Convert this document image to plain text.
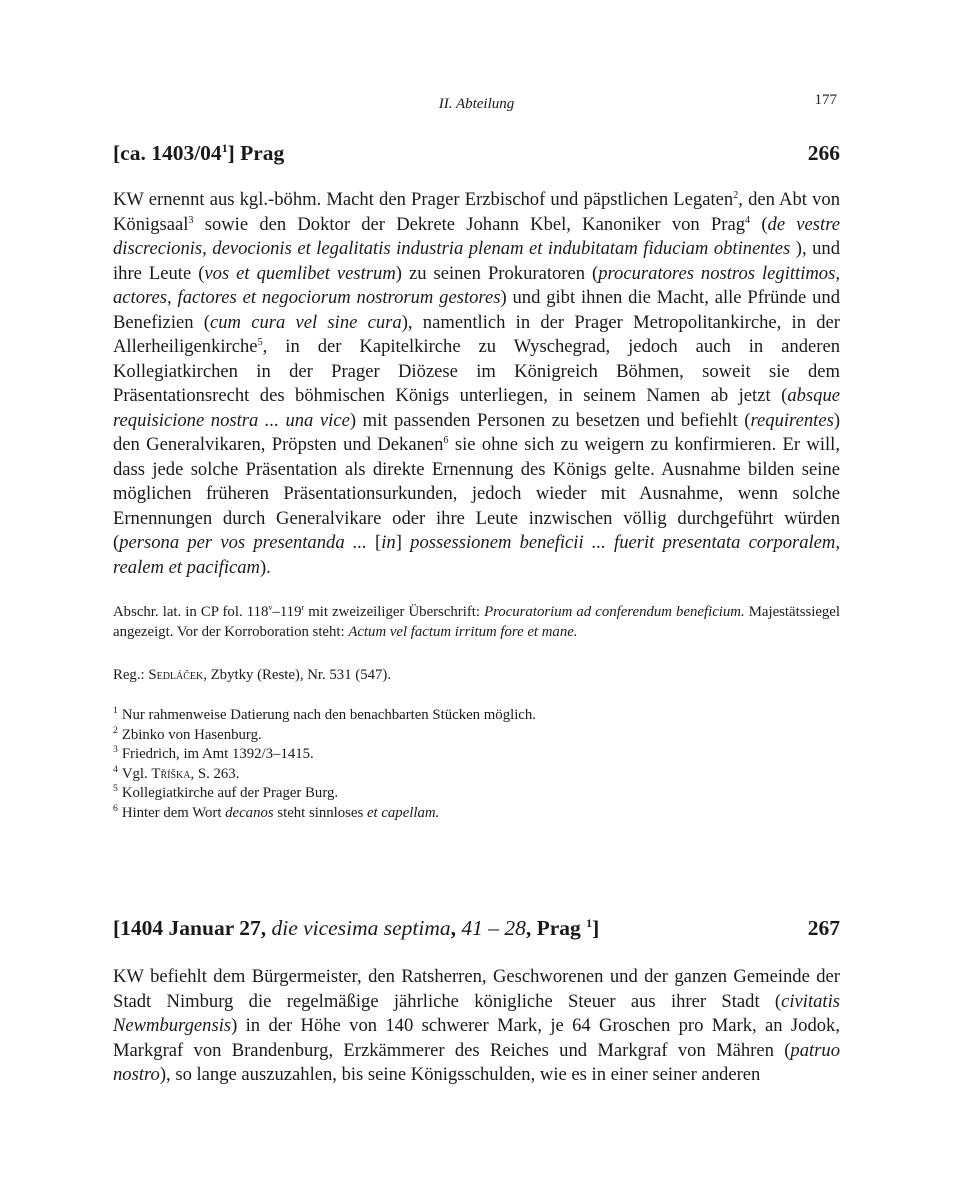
II. Abteilung	177
[ca. $1403/04^1$] Prag	266

KW ernennt aus kgl.-böhm. Macht den Prager Erzbischof und päpstlichen Legaten$^2$, den Abt von Königsaal$^3$ sowie den Doktor der Dekrete Johann Kbel, Kanoniker von Prag$^4$ (de vestre discrecionis, devocionis et legalitatis industria plenam et indubitatam fiduciam obtinentes ), und ihre Leute (vos et quemlibet vestrum) zu seinen Prokuratoren (procuratores nostros legittimos, actores, factores et negociorum nostrorum gestores) und gibt ihnen die Macht, alle Pfründe und Benefizien (cum cura vel sine cura), namentlich in der Prager Metropolitankirche, in der Allerheiligenkirche$^5$, in der Kapitelkirche zu Wyschegrad, jedoch auch in anderen Kollegiatkirchen in der Prager Diözese im Königreich Böhmen, soweit sie dem Präsentationsrecht des böhmischen Königs unterliegen, in seinem Namen ab jetzt (absque requisicione nostra ... una vice) mit passenden Personen zu besetzen und befiehlt (requirentes) den Generalvikaren, Pröpsten und Dekanen$^6$ sie ohne sich zu weigern zu konfirmieren. Er will, dass jede solche Präsentation als direkte Ernennung des Königs gelte. Ausnahme bilden seine möglichen früheren Präsentationsurkunden, jedoch wieder mit Ausnahme, wenn solche Ernennungen durch Generalvikare oder ihre Leute inzwischen völlig durchgeführt würden (persona per vos presentanda ... [in] possessionem beneficii ... fuerit presentata corporalem, realem et pacificam).

Abschr. lat. in CP fol. 118$^v$–119$^r$ mit zweizeiliger Überschrift: Procuratorium ad conferendum beneficium. Majestätssiegel angezeigt. Vor der Korroboration steht: Actum vel factum irritum fore et mane.
Reg.: Sedláček, Zbytky (Reste), Nr. 531 (547).

$^1$ Nur rahmenweise Datierung nach den benachbarten Stücken möglich.

$^2$ Zbinko von Hasenburg.

$^3$ Friedrich, im Amt 1392/3–1415.

$^4$ Vgl. Tříška, S. 263.

$^5$ Kollegiatkirche auf der Prager Burg.

$^6$ Hinter dem Wort decanos steht sinnloses et capellam.

[1404 Januar 27, die vicesima septima, 41 – 28, Prag $^1$]	267

KW befiehlt dem Bürgermeister, den Ratsherren, Geschworenen und der ganzen Gemeinde der Stadt Nimburg die regelmäßige jährliche königliche Steuer aus ihrer Stadt (civitatis Newmburgensis) in der Höhe von 140 schwerer Mark, je 64 Groschen pro Mark, an Jodok, Markgraf von Brandenburg, Erzkämmerer des Reiches und Markgraf von Mähren (patruo nostro), so lange auszuzahlen, bis seine Königsschulden, wie es in einer seiner anderen
